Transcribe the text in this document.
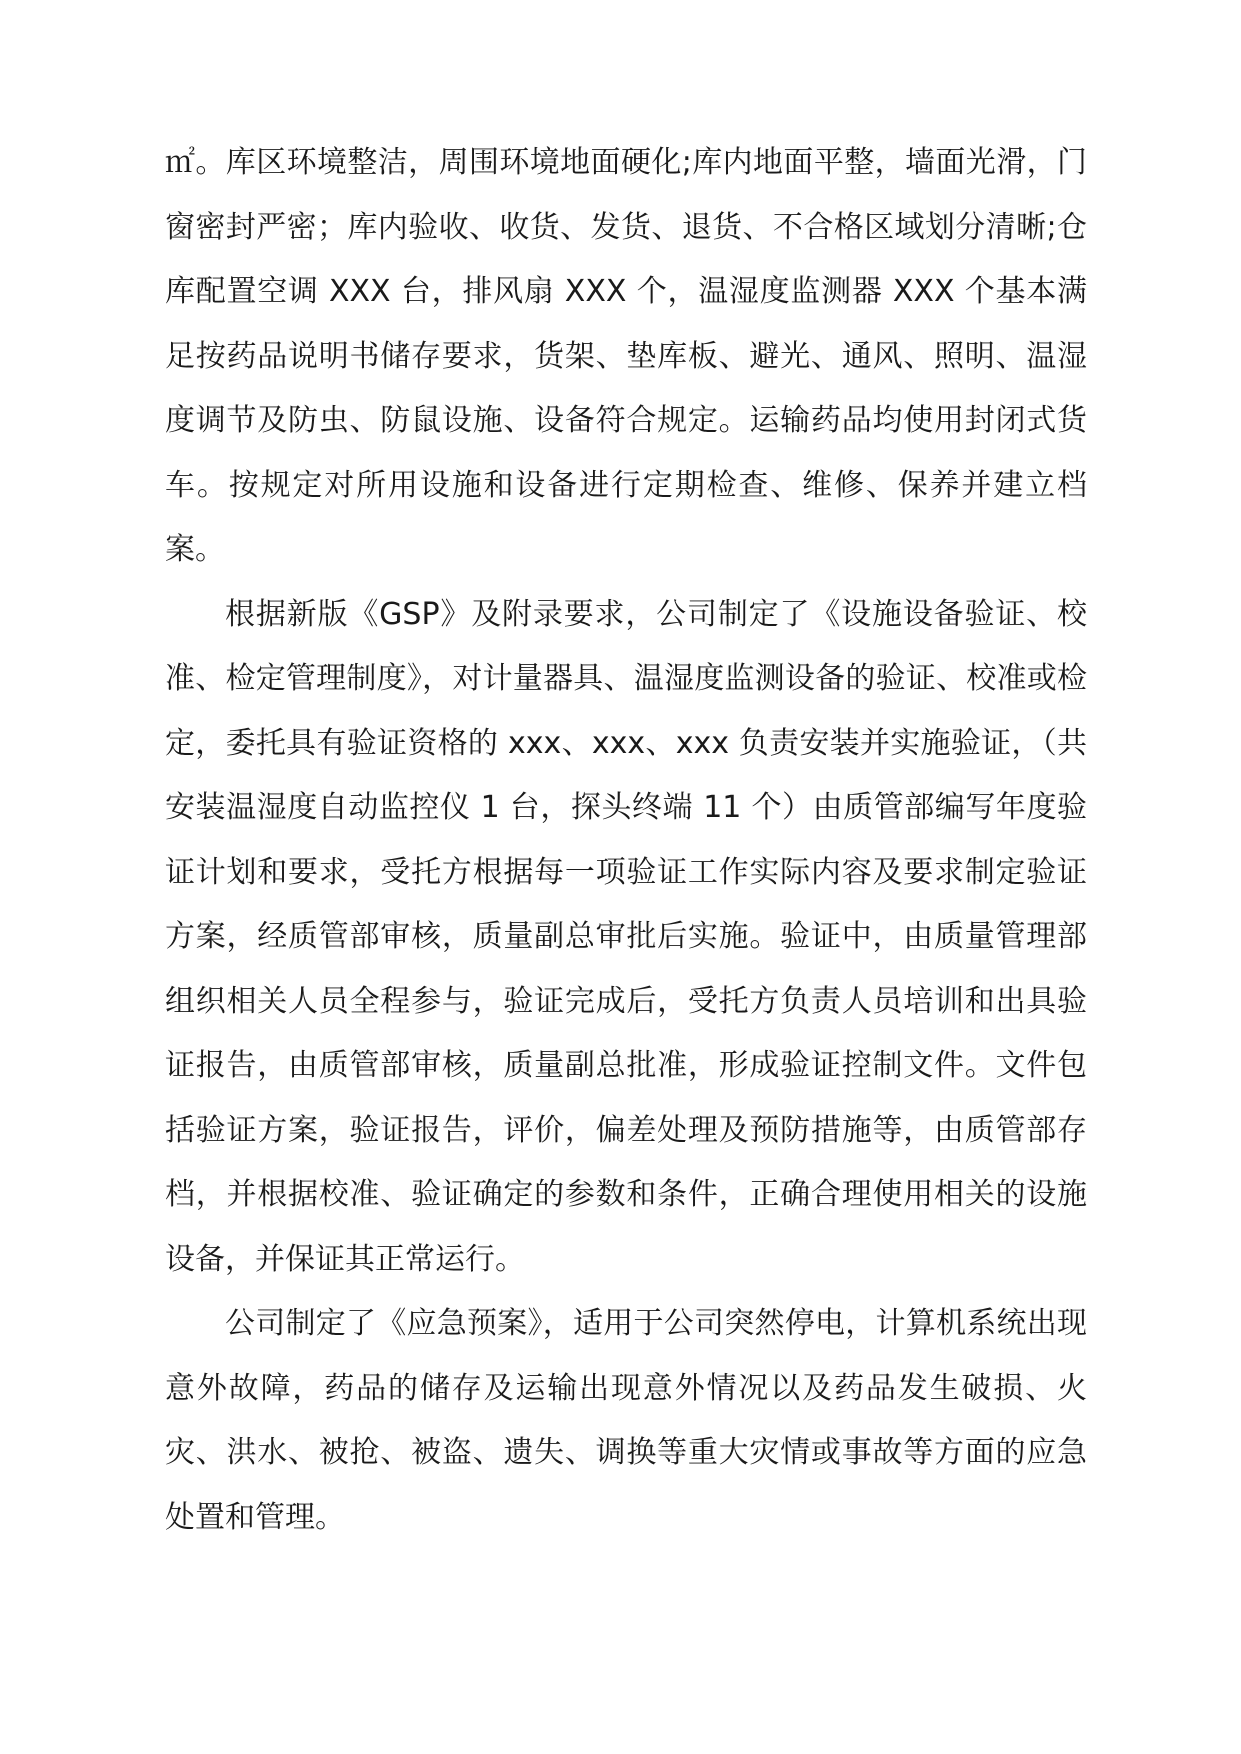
㎡。库区环境整洁，周围环境地面硬化;库内地面平整，墙面光滑，门窗密封严密；库内验收、收货、发货、退货、不合格区域划分清晰;仓库配置空调 XXX 台，排风扇 XXX 个，温湿度监测器 XXX 个基本满足按药品说明书储存要求，货架、垫库板、避光、通风、照明、温湿度调节及防虫、防鼠设施、设备符合规定。运输药品均使用封闭式货车。按规定对所用设施和设备进行定期检查、维修、保养并建立档案。

根据新版《GSP》及附录要求，公司制定了《设施设备验证、校准、检定管理制度》，对计量器具、温湿度监测设备的验证、校准或检定，委托具有验证资格的 xxx、xxx、xxx 负责安装并实施验证，（共安装温湿度自动监控仪 1 台，探头终端 11 个）由质管部编写年度验证计划和要求，受托方根据每一项验证工作实际内容及要求制定验证方案，经质管部审核，质量副总审批后实施。验证中，由质量管理部组织相关人员全程参与，验证完成后，受托方负责人员培训和出具验证报告，由质管部审核，质量副总批准，形成验证控制文件。文件包括验证方案，验证报告，评价，偏差处理及预防措施等，由质管部存档，并根据校准、验证确定的参数和条件，正确合理使用相关的设施设备，并保证其正常运行。

公司制定了《应急预案》，适用于公司突然停电，计算机系统出现意外故障，药品的储存及运输出现意外情况以及药品发生破损、火灾、洪水、被抢、被盗、遗失、调换等重大灾情或事故等方面的应急处置和管理。
